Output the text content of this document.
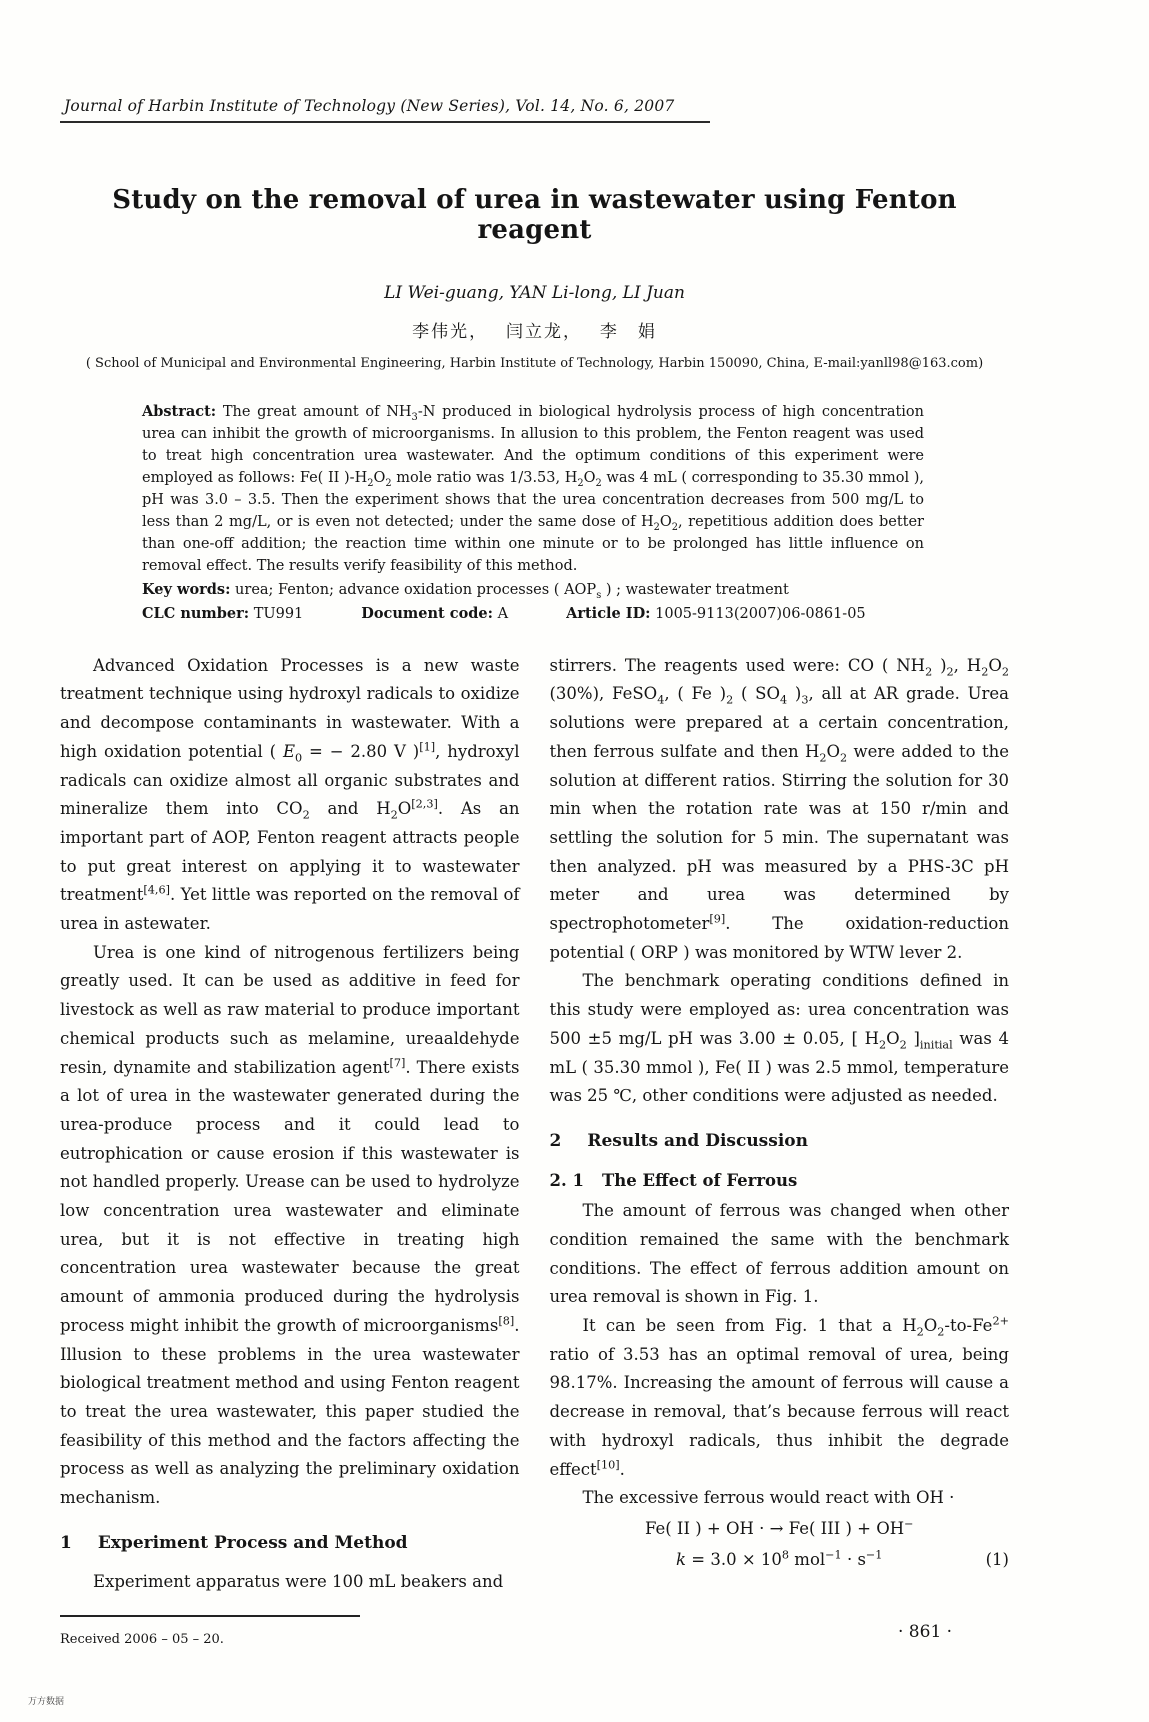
Journal of Harbin Institute of Technology (New Series), Vol. 14, No. 6, 2007
Study on the removal of urea in wastewater using Fenton reagent
LI Wei-guang, YAN Li-long, LI Juan
李伟光，　 闫立龙，　 李　娟
( School of Municipal and Environmental Engineering, Harbin Institute of Technology, Harbin 150090, China, E-mail:yanll98@163.com)
Abstract: The great amount of $NH_3-N$ produced in biological hydrolysis process of high concentration urea can inhibit the growth of microorganisms. In allusion to this problem, the Fenton reagent was used to treat high concentration urea wastewater. And the optimum conditions of this experiment were employed as follows: Fe( II )$-H_2O_2$ mole ratio was 1/3.53, $H_2O_2$ was 4 mL ( corresponding to 35.30 mmol ), pH was 3.0 – 3.5. Then the experiment shows that the urea concentration decreases from 500 mg/L to less than 2 mg/L, or is even not detected; under the same dose of $H_2O_2$, repetitious addition does better than one-off addition; the reaction time within one minute or to be prolonged has little influence on removal effect. The results verify feasibility of this method.
Key words: urea; Fenton; advance oxidation processes ( $AOP_s$ ) ; wastewater treatment
CLC number: TU991	Document code: A	Article ID: 1005-9113(2007)06-0861-05

Advanced Oxidation Processes is a new waste treatment technique using hydroxyl radicals to oxidize and decompose contaminants in wastewater. With a high oxidation potential ( $E_0$ = − 2.80 V )[1], hydroxyl radicals can oxidize almost all organic substrates and mineralize them into $CO_2$ and $H_2O[2,3]$. As an important part of AOP, Fenton reagent attracts people to put great interest on applying it to wastewater treatment[4,6]. Yet little was reported on the removal of urea in astewater.

Urea is one kind of nitrogenous fertilizers being greatly used. It can be used as additive in feed for livestock as well as raw material to produce important chemical products such as melamine, ureaaldehyde resin, dynamite and stabilization agent[7]. There exists a lot of urea in the wastewater generated during the urea-produce process and it could lead to eutrophication or cause erosion if this wastewater is not handled properly. Urease can be used to hydrolyze low concentration urea wastewater and eliminate urea, but it is not effective in treating high concentration urea wastewater because the great amount of ammonia produced during the hydrolysis process might inhibit the growth of microorganisms[8]. Illusion to these problems in the urea wastewater biological treatment method and using Fenton reagent to treat the urea wastewater, this paper studied the feasibility of this method and the factors affecting the process as well as analyzing the preliminary oxidation mechanism.

1 Experiment Process and Method

Experiment apparatus were 100 mL beakers and

Received 2006 – 05 – 20.

stirrers. The reagents used were: CO ( $NH_2$ )$_2$, $H_2O_2$ (30%), FeSO$_4$, ( Fe )$_2$ ( $SO_4$ )$_3$, all at AR grade. Urea solutions were prepared at a certain concentration, then ferrous sulfate and then $H_2O_2$ were added to the solution at different ratios. Stirring the solution for 30 min when the rotation rate was at 150 r/min and settling the solution for 5 min. The supernatant was then analyzed. pH was measured by a PHS-3C pH meter and urea was determined by spectrophotometer[9]. The oxidation-reduction potential ( ORP ) was monitored by WTW lever 2.

The benchmark operating conditions defined in this study were employed as: urea concentration was 500 ±5 mg/L pH was 3.00 ± 0.05, [ $H_2O_2$ ]$_{initial}$ was 4 mL ( 35.30 mmol ), Fe( II ) was 2.5 mmol, temperature was 25 ℃, other conditions were adjusted as needed.

2 Results and Discussion
2. 1 The Effect of Ferrous

The amount of ferrous was changed when other condition remained the same with the benchmark conditions. The effect of ferrous addition amount on urea removal is shown in Fig. 1.

It can be seen from Fig. 1 that a $H_2O_2-to-Fe^{2+}$ ratio of 3.53 has an optimal removal of urea, being 98.17%. Increasing the amount of ferrous will cause a decrease in removal, that’s because ferrous will react with hydroxyl radicals, thus inhibit the degrade effect[10].

The excessive ferrous would react with OH ·

Fe( II ) + OH · → Fe( III ) + OH−
$k = 3.0 \times 10^8$ $mol^{-1} \cdot s^{-1}$	(1)
· 861 ·
万方数据
